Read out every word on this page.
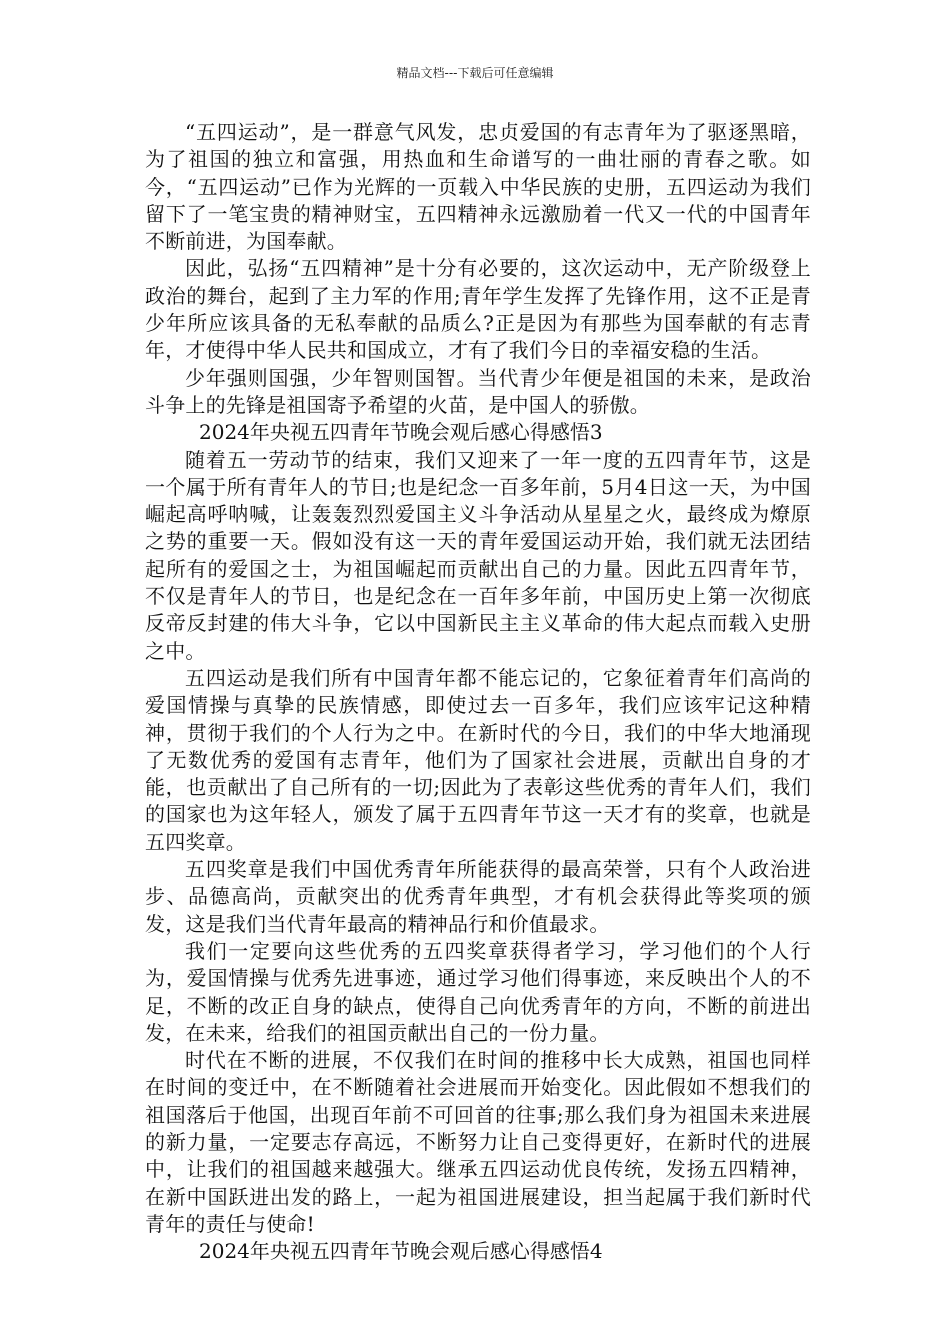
精品文档---下载后可任意编辑

“五四运动”，是一群意气风发，忠贞爱国的有志青年为了驱逐黑暗，为了祖国的独立和富强，用热血和生命谱写的一曲壮丽的青春之歌。如今，“五四运动”已作为光辉的一页载入中华民族的史册，五四运动为我们留下了一笔宝贵的精神财宝，五四精神永远激励着一代又一代的中国青年不断前进，为国奉献。

因此，弘扬“五四精神”是十分有必要的，这次运动中，无产阶级登上政治的舞台，起到了主力军的作用;青年学生发挥了先锋作用，这不正是青少年所应该具备的无私奉献的品质么?正是因为有那些为国奉献的有志青年，才使得中华人民共和国成立，才有了我们今日的幸福安稳的生活。

少年强则国强，少年智则国智。当代青少年便是祖国的未来，是政治斗争上的先锋是祖国寄予希望的火苗，是中国人的骄傲。

2024年央视五四青年节晚会观后感心得感悟3

随着五一劳动节的结束，我们又迎来了一年一度的五四青年节，这是一个属于所有青年人的节日;也是纪念一百多年前，5月4日这一天，为中国崛起高呼呐喊，让轰轰烈烈爱国主义斗争活动从星星之火，最终成为燎原之势的重要一天。假如没有这一天的青年爱国运动开始，我们就无法团结起所有的爱国之士，为祖国崛起而贡献出自己的力量。因此五四青年节，不仅是青年人的节日，也是纪念在一百年多年前，中国历史上第一次彻底反帝反封建的伟大斗争，它以中国新民主主义革命的伟大起点而载入史册之中。

五四运动是我们所有中国青年都不能忘记的，它象征着青年们高尚的爱国情操与真挚的民族情感，即使过去一百多年，我们应该牢记这种精神，贯彻于我们的个人行为之中。在新时代的今日，我们的中华大地涌现了无数优秀的爱国有志青年，他们为了国家社会进展，贡献出自身的才能，也贡献出了自己所有的一切;因此为了表彰这些优秀的青年人们，我们的国家也为这年轻人，颁发了属于五四青年节这一天才有的奖章，也就是五四奖章。

五四奖章是我们中国优秀青年所能获得的最高荣誉，只有个人政治进步、品德高尚，贡献突出的优秀青年典型，才有机会获得此等奖项的颁发，这是我们当代青年最高的精神品行和价值最求。

我们一定要向这些优秀的五四奖章获得者学习，学习他们的个人行为，爱国情操与优秀先进事迹，通过学习他们得事迹，来反映出个人的不足，不断的改正自身的缺点，使得自己向优秀青年的方向，不断的前进出发，在未来，给我们的祖国贡献出自己的一份力量。

时代在不断的进展，不仅我们在时间的推移中长大成熟，祖国也同样在时间的变迁中，在不断随着社会进展而开始变化。因此假如不想我们的祖国落后于他国，出现百年前不可回首的往事;那么我们身为祖国未来进展的新力量，一定要志存高远，不断努力让自己变得更好，在新时代的进展中，让我们的祖国越来越强大。继承五四运动优良传统，发扬五四精神，在新中国跃进出发的路上，一起为祖国进展建设，担当起属于我们新时代青年的责任与使命!

2024年央视五四青年节晚会观后感心得感悟4
